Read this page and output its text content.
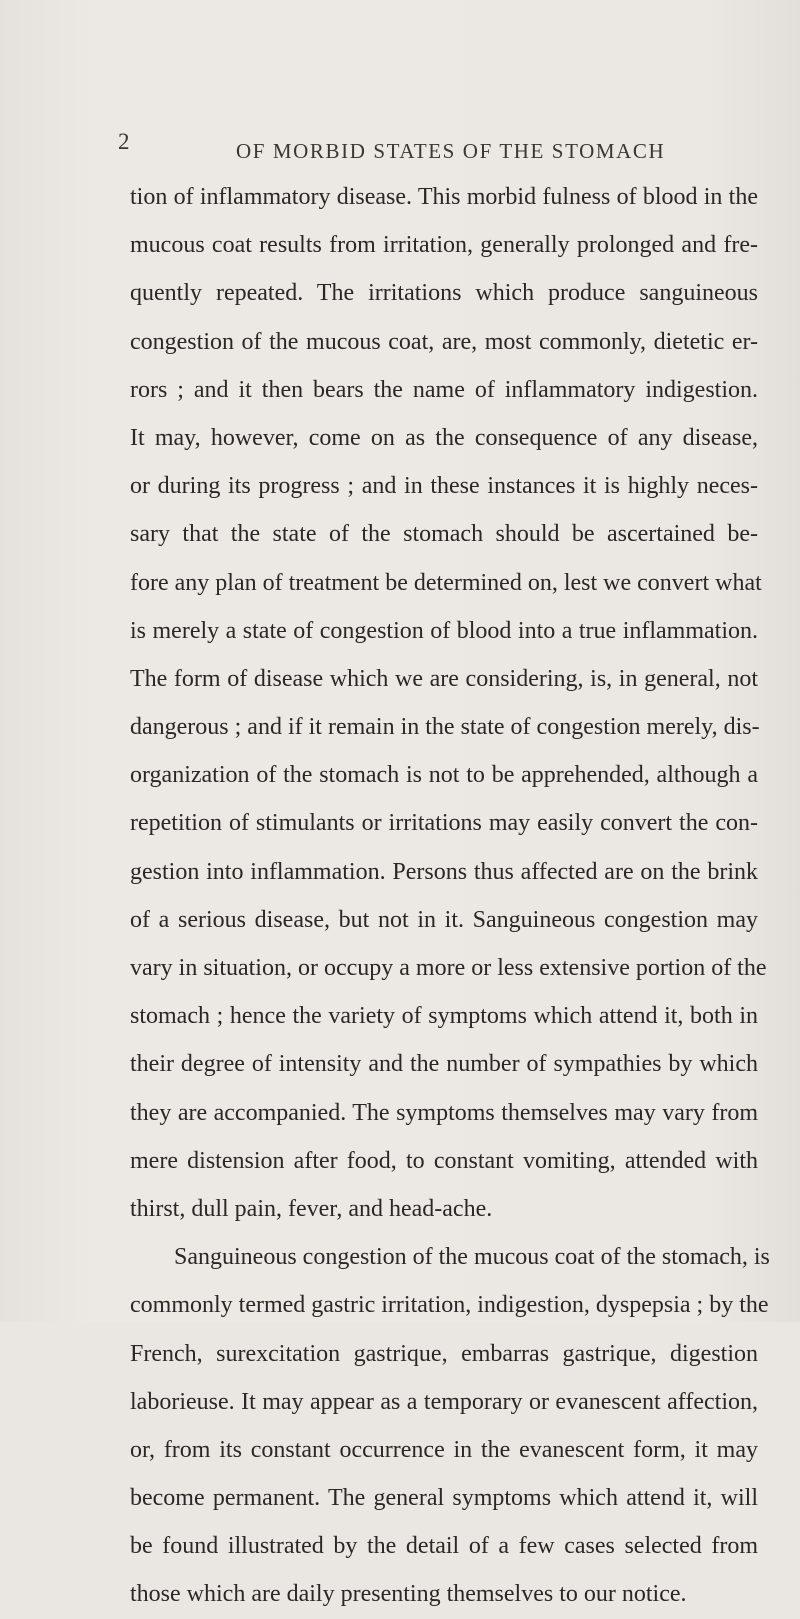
2	OF MORBID STATES OF THE STOMACH
tion of inflammatory disease. This morbid fulness of blood in the
mucous coat results from irritation, generally prolonged and fre-
quently repeated. The irritations which produce sanguineous
congestion of the mucous coat, are, most commonly, dietetic er-
rors ; and it then bears the name of inflammatory indigestion.
It may, however, come on as the consequence of any disease,
or during its progress ; and in these instances it is highly neces-
sary that the state of the stomach should be ascertained be-
fore any plan of treatment be determined on, lest we convert what
is merely a state of congestion of blood into a true inflammation.
The form of disease which we are considering, is, in general, not
dangerous ; and if it remain in the state of congestion merely, dis-
organization of the stomach is not to be apprehended, although a
repetition of stimulants or irritations may easily convert the con-
gestion into inflammation. Persons thus affected are on the brink
of a serious disease, but not in it. Sanguineous congestion may
vary in situation, or occupy a more or less extensive portion of the
stomach ; hence the variety of symptoms which attend it, both in
their degree of intensity and the number of sympathies by which
they are accompanied. The symptoms themselves may vary from
mere distension after food, to constant vomiting, attended with
thirst, dull pain, fever, and head-ache.
Sanguineous congestion of the mucous coat of the stomach, is
commonly termed gastric irritation, indigestion, dyspepsia ; by the
French, surexcitation gastrique, embarras gastrique, digestion
laborieuse. It may appear as a temporary or evanescent affection,
or, from its constant occurrence in the evanescent form, it may
become permanent. The general symptoms which attend it, will
be found illustrated by the detail of a few cases selected from
those which are daily presenting themselves to our notice.
